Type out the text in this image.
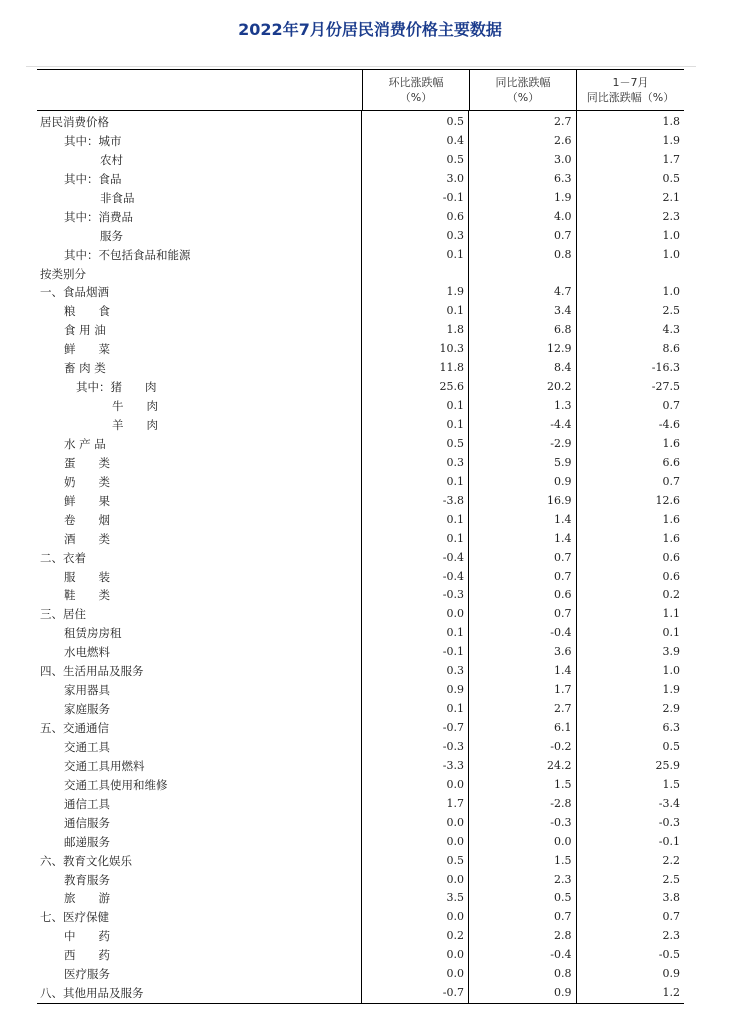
2022年7月份居民消费价格主要数据
环比涨跌幅
（%）
同比涨跌幅
（%）
1－7月
同比涨跌幅（%）
居民消费价格
其中：城市
农村
其中：食品
非食品
其中：消费品
服务
其中：不包括食品和能源
按类别分
一、食品烟酒
粮　　食
食 用 油
鲜　　菜
畜 肉 类
其中：猪　　肉
牛　　肉
羊　　肉
水 产 品
蛋　　类
奶　　类
鲜　　果
卷　　烟
酒　　类
二、衣着
服　　装
鞋　　类
三、居住
租赁房房租
水电燃料
四、生活用品及服务
家用器具
家庭服务
五、交通通信
交通工具
交通工具用燃料
交通工具使用和维修
通信工具
通信服务
邮递服务
六、教育文化娱乐
教育服务
旅　　游
七、医疗保健
中　　药
西　　药
医疗服务
八、其他用品及服务
0.5
0.4
0.5
3.0
-0.1
0.6
0.3
0.1
1.9
0.1
1.8
10.3
11.8
25.6
0.1
0.1
0.5
0.3
0.1
-3.8
0.1
0.1
-0.4
-0.4
-0.3
0.0
0.1
-0.1
0.3
0.9
0.1
-0.7
-0.3
-3.3
0.0
1.7
0.0
0.0
0.5
0.0
3.5
0.0
0.2
0.0
0.0
-0.7
2.7
2.6
3.0
6.3
1.9
4.0
0.7
0.8
4.7
3.4
6.8
12.9
8.4
20.2
1.3
-4.4
-2.9
5.9
0.9
16.9
1.4
1.4
0.7
0.7
0.6
0.7
-0.4
3.6
1.4
1.7
2.7
6.1
-0.2
24.2
1.5
-2.8
-0.3
0.0
1.5
2.3
0.5
0.7
2.8
-0.4
0.8
0.9
1.8
1.9
1.7
0.5
2.1
2.3
1.0
1.0
1.0
2.5
4.3
8.6
-16.3
-27.5
0.7
-4.6
1.6
6.6
0.7
12.6
1.6
1.6
0.6
0.6
0.2
1.1
0.1
3.9
1.0
1.9
2.9
6.3
0.5
25.9
1.5
-3.4
-0.3
-0.1
2.2
2.5
3.8
0.7
2.3
-0.5
0.9
1.2
